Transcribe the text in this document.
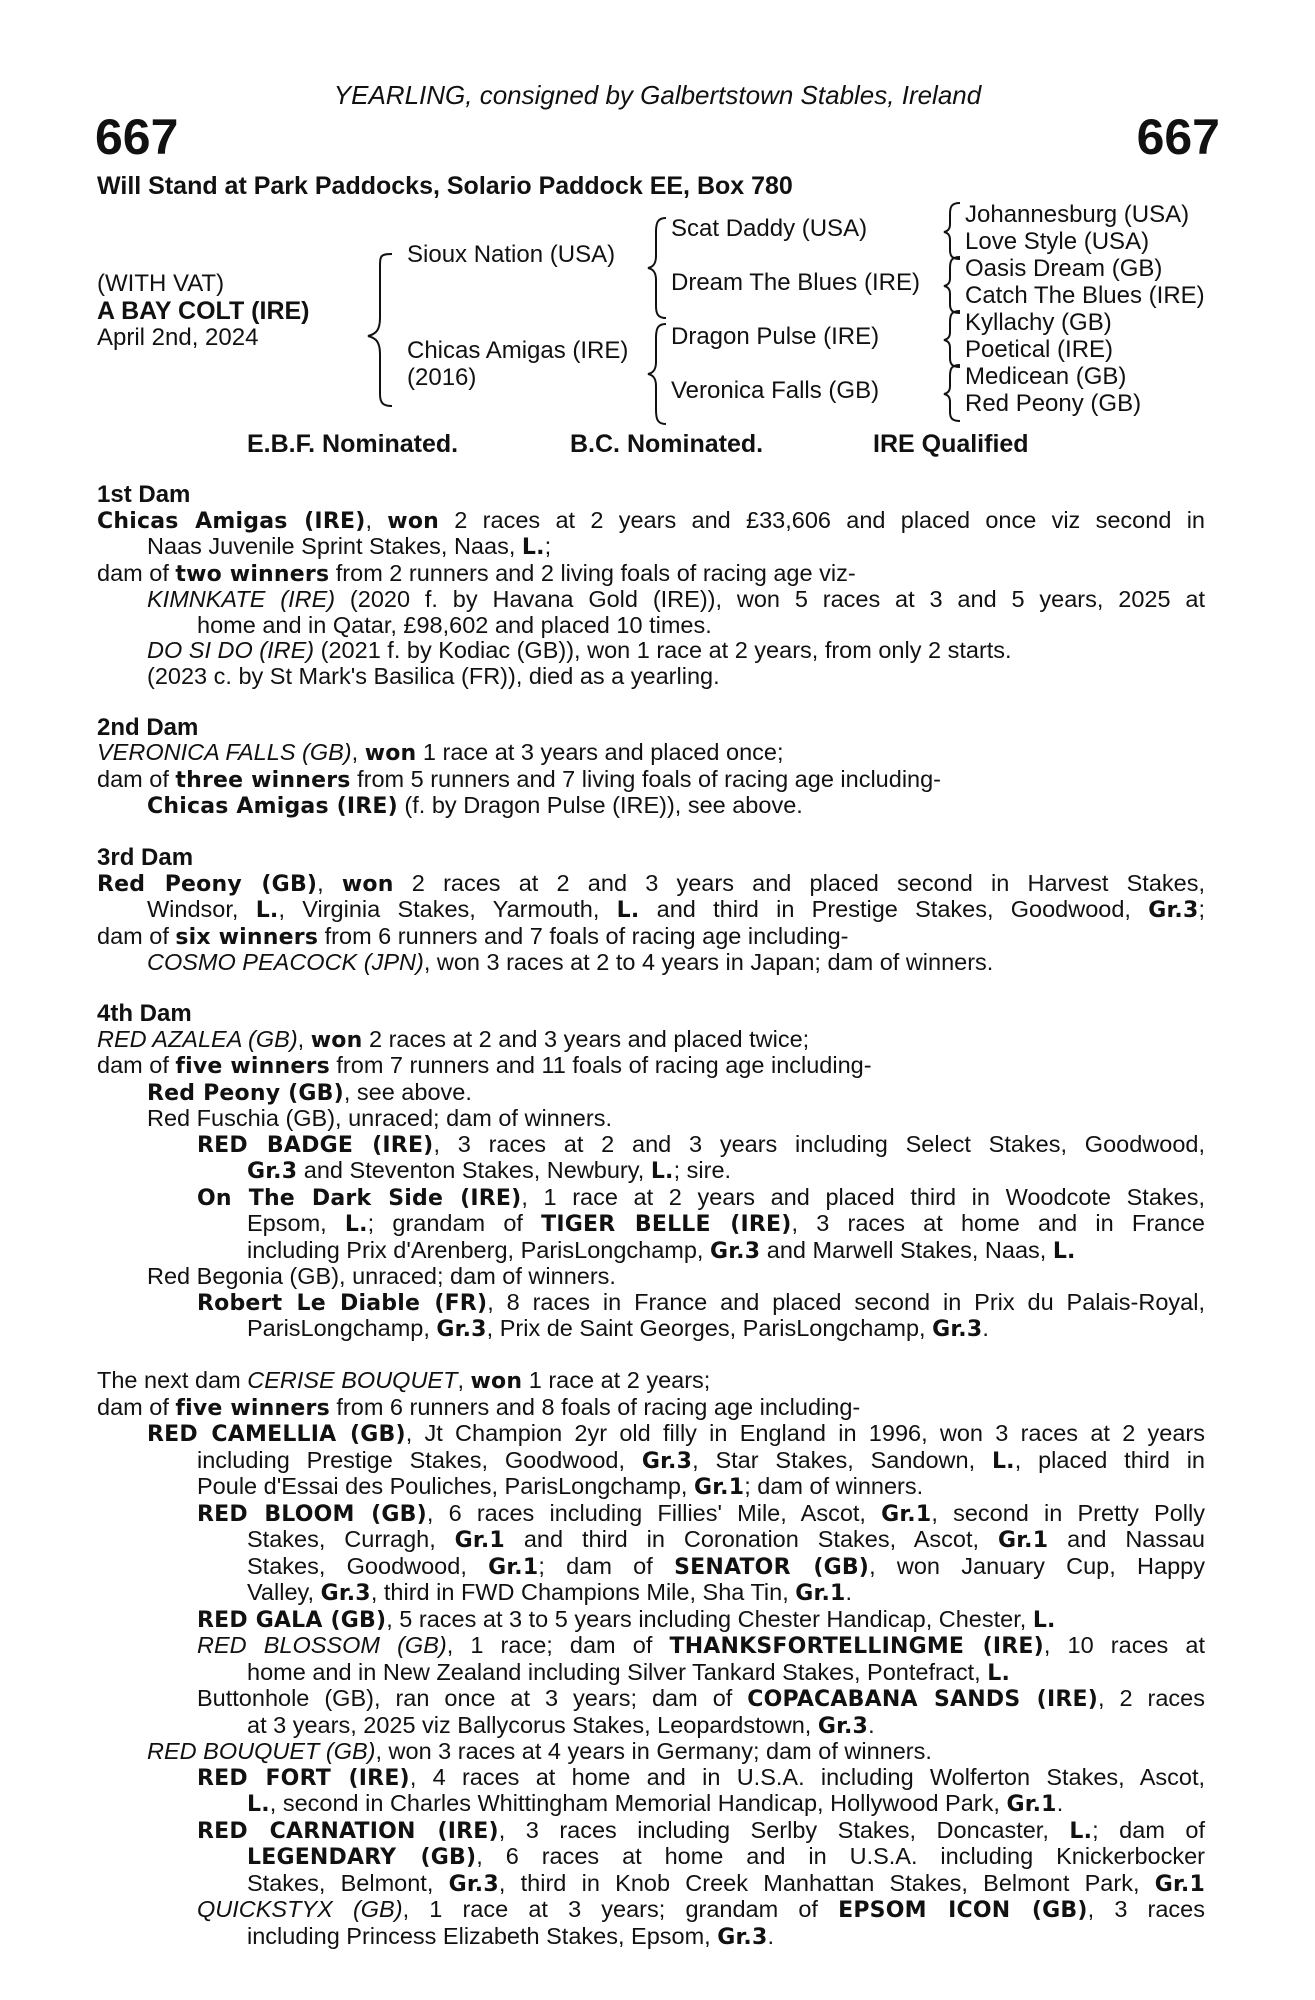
YEARLING, consigned by Galbertstown Stables, Ireland
667	667
Will Stand at Park Paddocks, Solario Paddock EE, Box 780
(WITH VAT)
A BAY COLT (IRE)
April 2nd, 2024
Sioux Nation (USA)
Chicas Amigas (IRE)
(2016)
Scat Daddy (USA)
Dream The Blues (IRE)
Dragon Pulse (IRE)
Veronica Falls (GB)
Johannesburg (USA)
Love Style (USA)
Oasis Dream (GB)
Catch The Blues (IRE)
Kyllachy (GB)
Poetical (IRE)
Medicean (GB)
Red Peony (GB)
E.B.F. Nominated.	B.C. Nominated.	IRE Qualified
1st Dam
Chicas Amigas (IRE), won 2 races at 2 years and £33,606 and placed once viz second in
Naas Juvenile Sprint Stakes, Naas, L.;
dam of two winners from 2 runners and 2 living foals of racing age viz-
KIMNKATE (IRE) (2020 f. by Havana Gold (IRE)), won 5 races at 3 and 5 years, 2025 at
home and in Qatar, £98,602 and placed 10 times.
DO SI DO (IRE) (2021 f. by Kodiac (GB)), won 1 race at 2 years, from only 2 starts.
(2023 c. by St Mark's Basilica (FR)), died as a yearling.
2nd Dam
VERONICA FALLS (GB), won 1 race at 3 years and placed once;
dam of three winners from 5 runners and 7 living foals of racing age including-
Chicas Amigas (IRE) (f. by Dragon Pulse (IRE)), see above.
3rd Dam
Red Peony (GB), won 2 races at 2 and 3 years and placed second in Harvest Stakes,
Windsor, L., Virginia Stakes, Yarmouth, L. and third in Prestige Stakes, Goodwood, Gr.3;
dam of six winners from 6 runners and 7 foals of racing age including-
COSMO PEACOCK (JPN), won 3 races at 2 to 4 years in Japan; dam of winners.
4th Dam
RED AZALEA (GB), won 2 races at 2 and 3 years and placed twice;
dam of five winners from 7 runners and 11 foals of racing age including-
Red Peony (GB), see above.
Red Fuschia (GB), unraced; dam of winners.
RED BADGE (IRE), 3 races at 2 and 3 years including Select Stakes, Goodwood,
Gr.3 and Steventon Stakes, Newbury, L.; sire.
On The Dark Side (IRE), 1 race at 2 years and placed third in Woodcote Stakes,
Epsom, L.; grandam of TIGER BELLE (IRE), 3 races at home and in France
including Prix d'Arenberg, ParisLongchamp, Gr.3 and Marwell Stakes, Naas, L.
Red Begonia (GB), unraced; dam of winners.
Robert Le Diable (FR), 8 races in France and placed second in Prix du Palais-Royal,
ParisLongchamp, Gr.3, Prix de Saint Georges, ParisLongchamp, Gr.3.
The next dam CERISE BOUQUET, won 1 race at 2 years;
dam of five winners from 6 runners and 8 foals of racing age including-
RED CAMELLIA (GB), Jt Champion 2yr old filly in England in 1996, won 3 races at 2 years
including Prestige Stakes, Goodwood, Gr.3, Star Stakes, Sandown, L., placed third in
Poule d'Essai des Pouliches, ParisLongchamp, Gr.1; dam of winners.
RED BLOOM (GB), 6 races including Fillies' Mile, Ascot, Gr.1, second in Pretty Polly
Stakes, Curragh, Gr.1 and third in Coronation Stakes, Ascot, Gr.1 and Nassau
Stakes, Goodwood, Gr.1; dam of SENATOR (GB), won January Cup, Happy
Valley, Gr.3, third in FWD Champions Mile, Sha Tin, Gr.1.
RED GALA (GB), 5 races at 3 to 5 years including Chester Handicap, Chester, L.
RED BLOSSOM (GB), 1 race; dam of THANKSFORTELLINGME (IRE), 10 races at
home and in New Zealand including Silver Tankard Stakes, Pontefract, L.
Buttonhole (GB), ran once at 3 years; dam of COPACABANA SANDS (IRE), 2 races
at 3 years, 2025 viz Ballycorus Stakes, Leopardstown, Gr.3.
RED BOUQUET (GB), won 3 races at 4 years in Germany; dam of winners.
RED FORT (IRE), 4 races at home and in U.S.A. including Wolferton Stakes, Ascot,
L., second in Charles Whittingham Memorial Handicap, Hollywood Park, Gr.1.
RED CARNATION (IRE), 3 races including Serlby Stakes, Doncaster, L.; dam of
LEGENDARY (GB), 6 races at home and in U.S.A. including Knickerbocker
Stakes, Belmont, Gr.3, third in Knob Creek Manhattan Stakes, Belmont Park, Gr.1
QUICKSTYX (GB), 1 race at 3 years; grandam of EPSOM ICON (GB), 3 races
including Princess Elizabeth Stakes, Epsom, Gr.3.
